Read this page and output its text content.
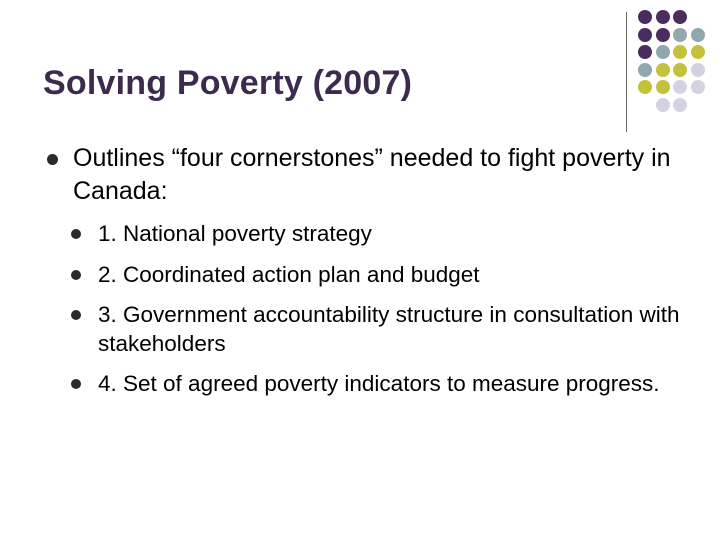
Solving Poverty (2007)
Outlines “four cornerstones” needed to fight poverty in Canada:
1. National poverty strategy
2. Coordinated action plan and budget
3. Government accountability structure in consultation with stakeholders
4. Set of agreed poverty indicators to measure progress.
